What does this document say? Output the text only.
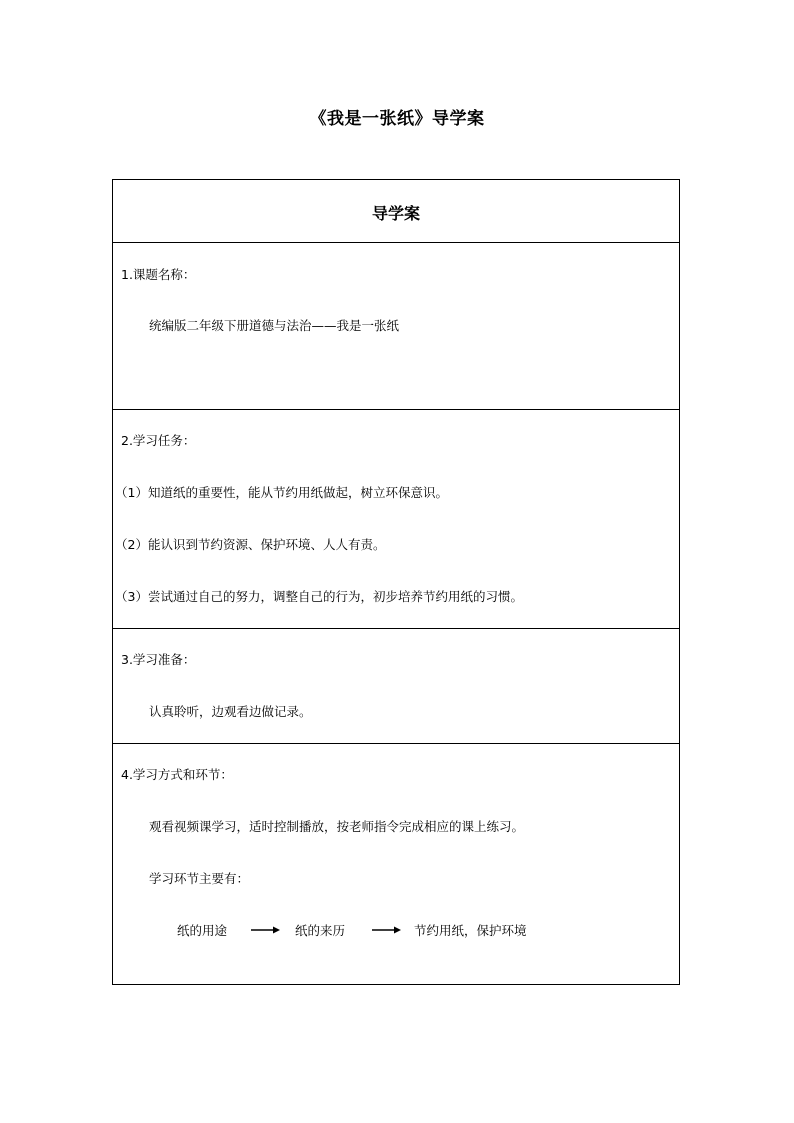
《我是一张纸》导学案
导学案
1.课题名称：
统编版二年级下册道德与法治——我是一张纸
2.学习任务：
（1）知道纸的重要性，能从节约用纸做起，树立环保意识。
（2）能认识到节约资源、保护环境、人人有责。
（3）尝试通过自己的努力，调整自己的行为，初步培养节约用纸的习惯。
3.学习准备：
认真聆听，边观看边做记录。
4.学习方式和环节：
观看视频课学习，适时控制播放，按老师指令完成相应的课上练习。
学习环节主要有：
纸的用途	纸的来历	节约用纸，保护环境
